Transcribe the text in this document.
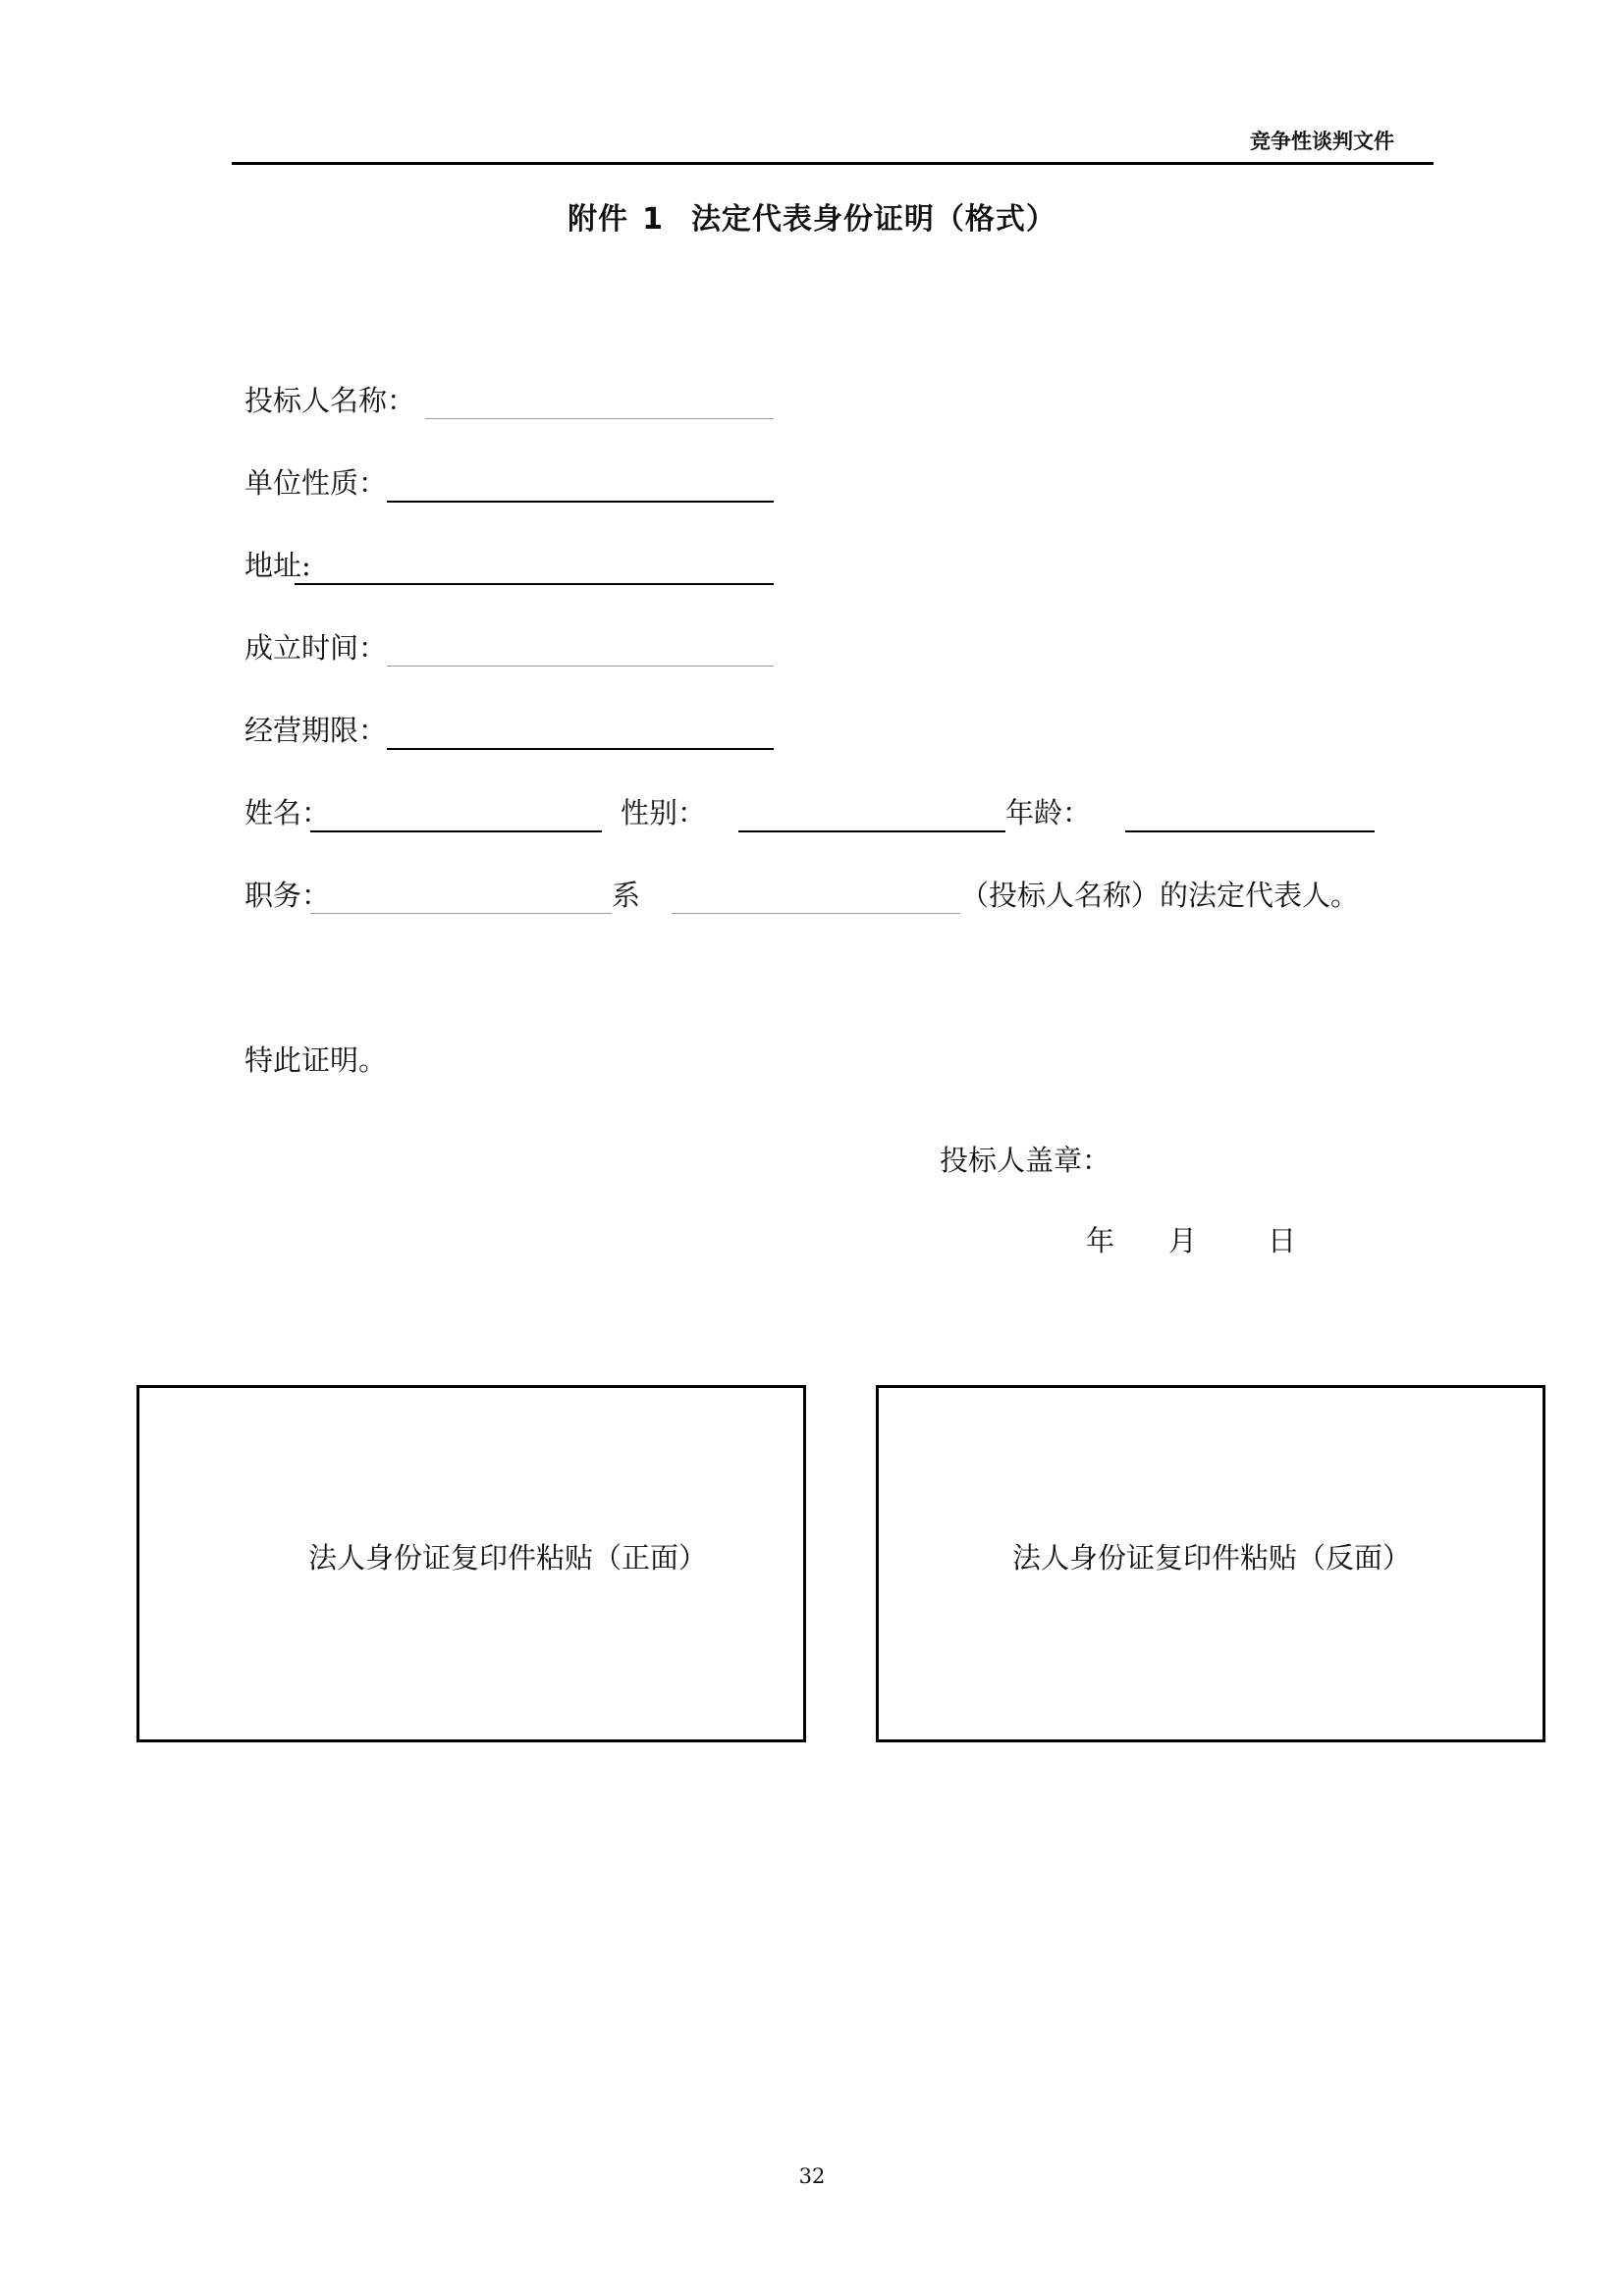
竞争性谈判文件
附件 1 法定代表身份证明（格式）
投标人名称：
单位性质：
地址:
成立时间：
经营期限：
姓名：	性别：	年龄：
职务：	系	（投标人名称）的法定代表人。
特此证明。
投标人盖章：
年 月 日
法人身份证复印件粘贴（正面）	法人身份证复印件粘贴（反面）
32
